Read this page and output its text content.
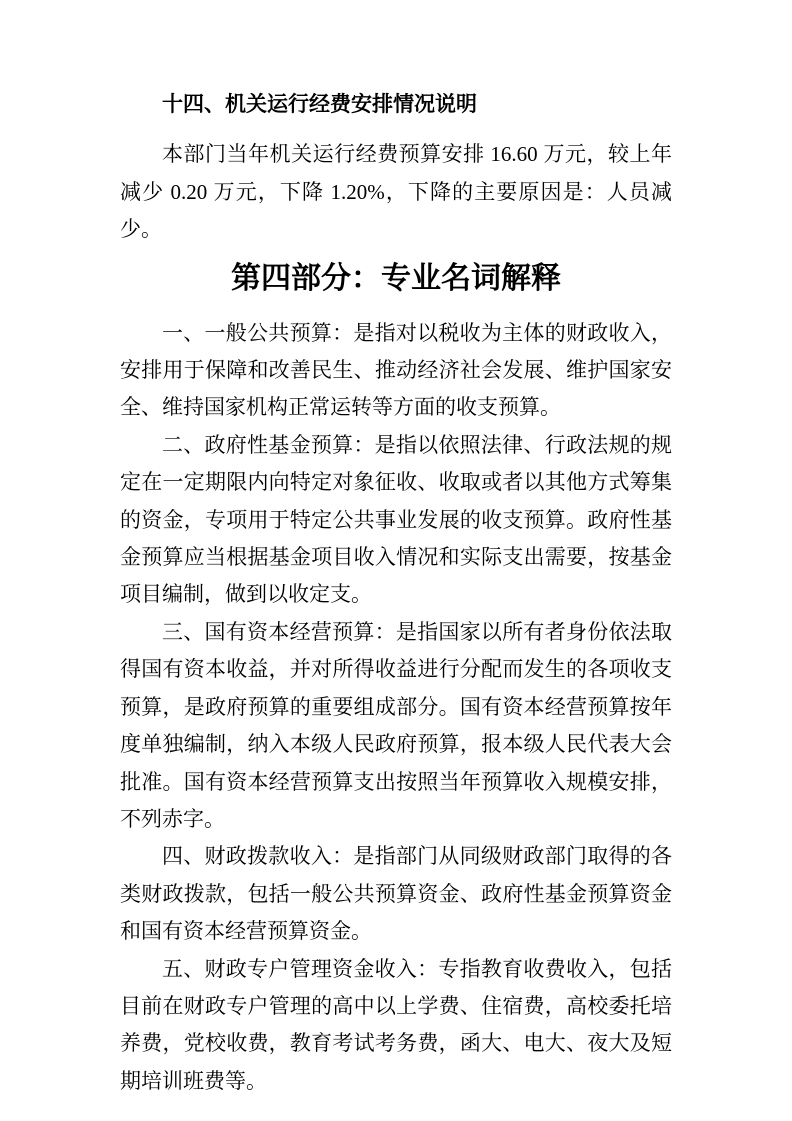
十四、机关运行经费安排情况说明

本部门当年机关运行经费预算安排 16.60 万元，较上年减少 0.20 万元，下降 1.20%，下降的主要原因是：人员减少。

第四部分：专业名词解释

一、一般公共预算：是指对以税收为主体的财政收入，安排用于保障和改善民生、推动经济社会发展、维护国家安全、维持国家机构正常运转等方面的收支预算。

二、政府性基金预算：是指以依照法律、行政法规的规定在一定期限内向特定对象征收、收取或者以其他方式筹集的资金，专项用于特定公共事业发展的收支预算。政府性基金预算应当根据基金项目收入情况和实际支出需要，按基金项目编制，做到以收定支。

三、国有资本经营预算：是指国家以所有者身份依法取得国有资本收益，并对所得收益进行分配而发生的各项收支预算，是政府预算的重要组成部分。国有资本经营预算按年度单独编制，纳入本级人民政府预算，报本级人民代表大会批准。国有资本经营预算支出按照当年预算收入规模安排，不列赤字。

四、财政拨款收入：是指部门从同级财政部门取得的各类财政拨款，包括一般公共预算资金、政府性基金预算资金和国有资本经营预算资金。

五、财政专户管理资金收入：专指教育收费收入，包括目前在财政专户管理的高中以上学费、住宿费，高校委托培养费，党校收费，教育考试考务费，函大、电大、夜大及短期培训班费等。
